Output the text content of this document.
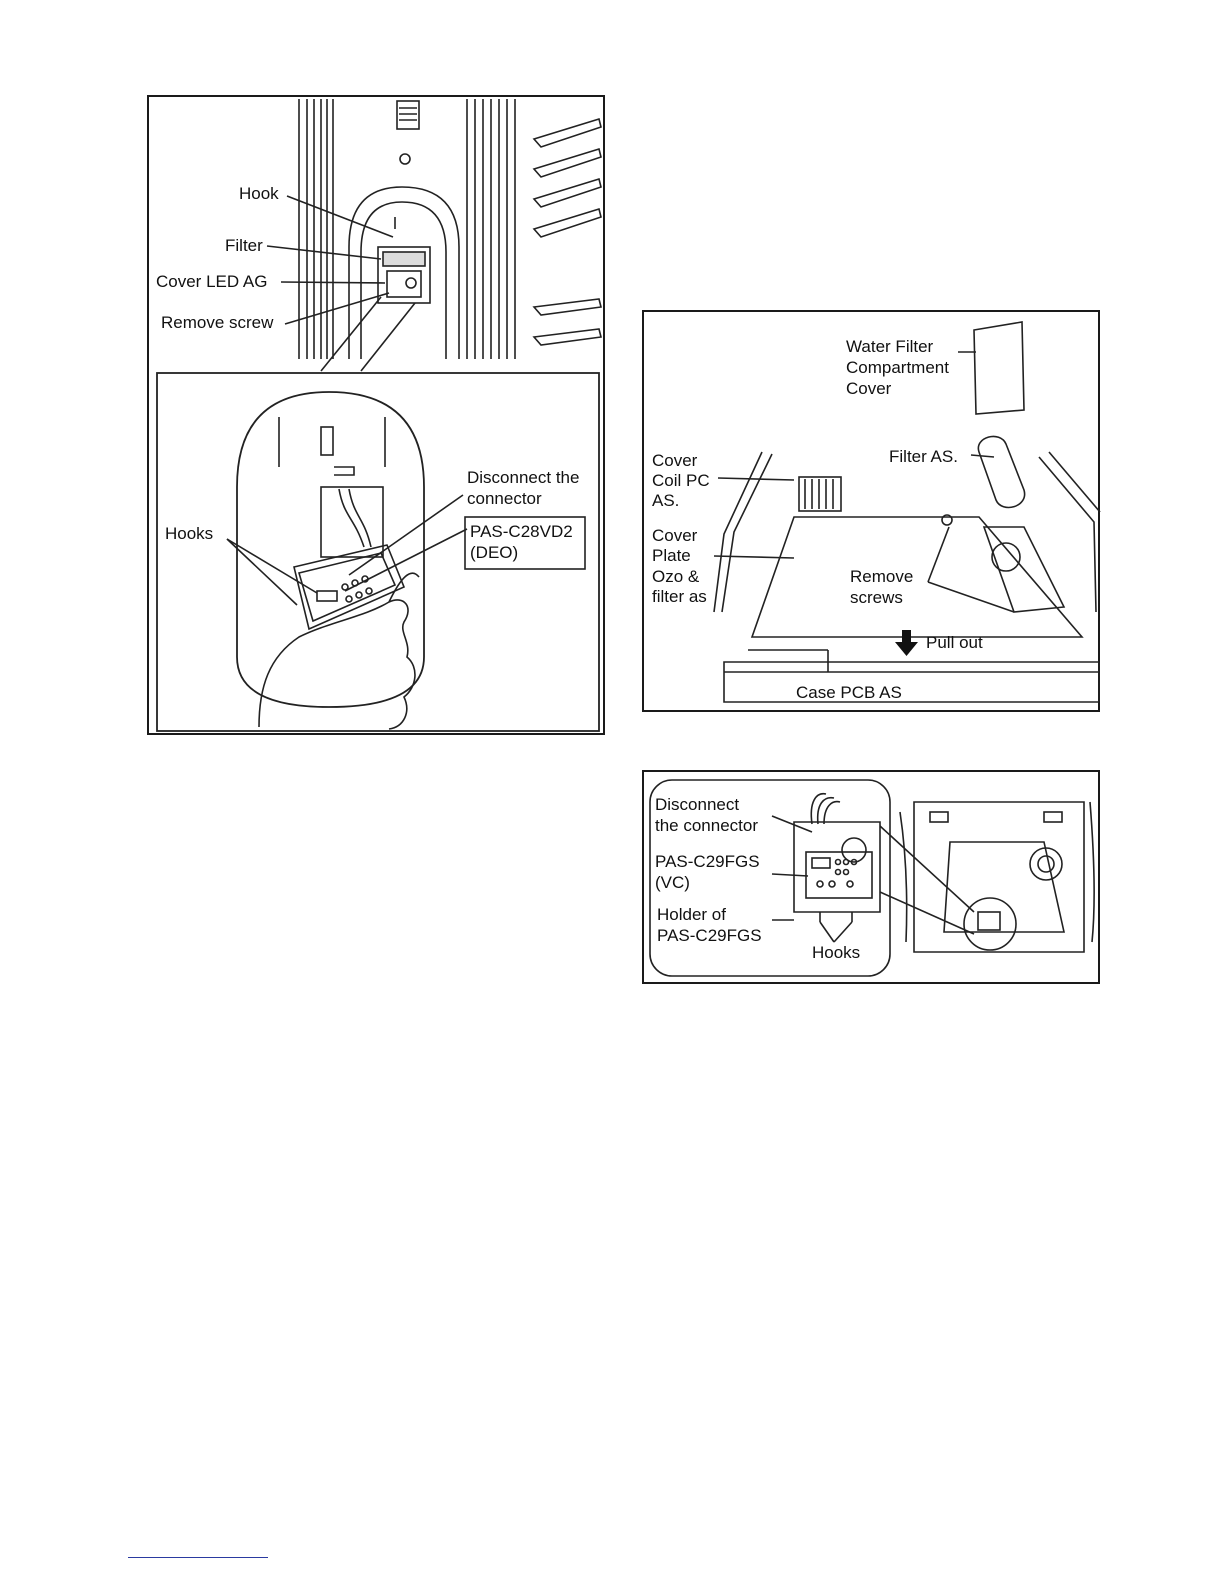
Hook
Filter
Cover LED AG
Remove screw
Hooks
Disconnect the
connector
PAS-C28VD2
(DEO)
Water Filter
Compartment
Cover
Filter AS.
Cover
Coil PC
AS.
Cover
Plate
Ozo &
filter as
Remove
screws
Pull out
Case PCB AS
Disconnect
the connector
PAS-C29FGS
(VC)
Holder of
PAS-C29FGS
Hooks
